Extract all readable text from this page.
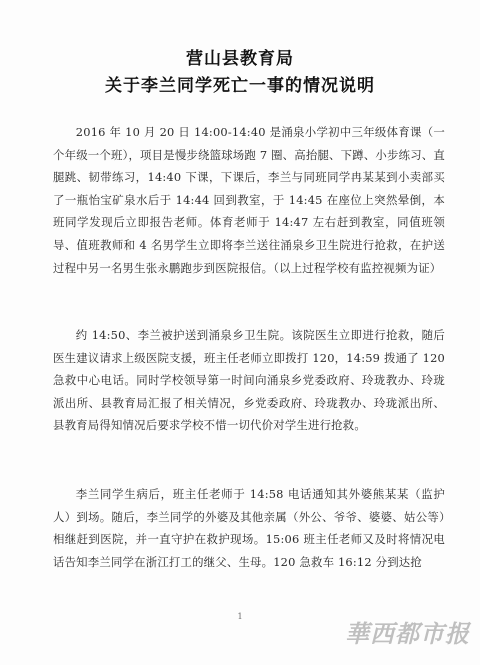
营山县教育局
关于李兰同学死亡一事的情况说明

2016 年 10 月 20 日 14:00-14:40 是涌泉小学初中三年级体育课（一个年级一个班），项目是慢步绕篮球场跑 7 圈、高抬腿、下蹲、小步练习、直腿跳、韧带练习，14:40 下课，下课后，李兰与同班同学冉某某到小卖部买了一瓶怡宝矿泉水后于 14:44 回到教室，于 14:45 在座位上突然晕倒，本班同学发现后立即报告老师。体育老师于 14:47 左右赶到教室，同值班领导、值班教师和 4 名男学生立即将李兰送往涌泉乡卫生院进行抢救，在护送过程中另一名男生张永鹏跑步到医院报信。（以上过程学校有监控视频为证）

约 14:50、李兰被护送到涌泉乡卫生院。该院医生立即进行抢救，随后医生建议请求上级医院支援，班主任老师立即拨打 120，14:59 拨通了 120 急救中心电话。同时学校领导第一时间向涌泉乡党委政府、玲珑教办、玲珑派出所、县教育局汇报了相关情况，乡党委政府、玲珑教办、玲珑派出所、县教育局得知情况后要求学校不惜一切代价对学生进行抢救。

李兰同学生病后，班主任老师于 14:58 电话通知其外婆熊某某（监护人）到场。随后，李兰同学的外婆及其他亲属（外公、爷爷、婆婆、姑公等）相继赶到医院，并一直守护在救护现场。15:06 班主任老师又及时将情况电话告知李兰同学在浙江打工的继父、生母。120 急救车 16:12 分到达抢

1
華西都市报
